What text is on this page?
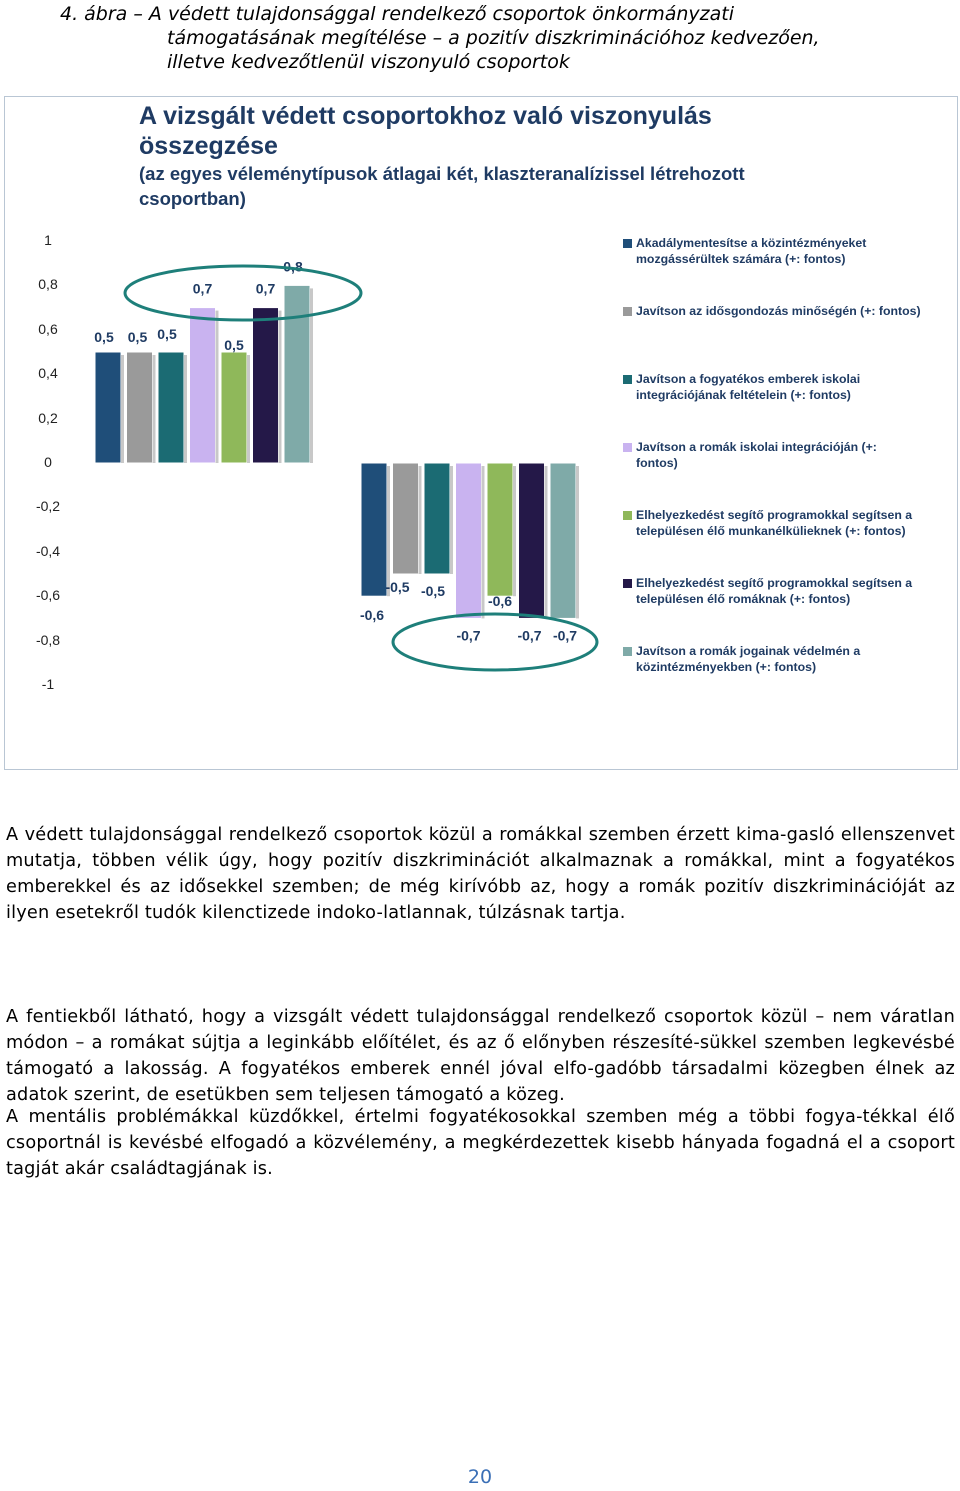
4. ábra – A védett tulajdonsággal rendelkező csoportok önkormányzati
támogatásának megítélése – a pozitív diszkriminációhoz kedvezően,
illetve kedvezőtlenül viszonyuló csoportok
A vizsgált védett csoportokhoz való viszonyulás
összegzése
(az egyes véleménytípusok átlagai két, klaszteranalízissel létrehozott
csoportban)
1
0,8
0,6
0,4
0,2
0
-0,2
-0,4
-0,6
-0,8
-1
0,5
-0,6
0,5
-0,5
0,5
-0,5
0,7
-0,7
0,5
-0,6
0,7
-0,7
0,8
-0,7
Akadálymentesítse a közintézményeket
mozgássérültek számára (+: fontos)
Javítson az idősgondozás minőségén (+: fontos)
Javítson a fogyatékos emberek iskolai
integrációjának feltételein (+: fontos)
Javítson a romák iskolai integrációján (+:
fontos)
Elhelyezkedést segítő programokkal segítsen a
településen élő munkanélkülieknek (+: fontos)
Elhelyezkedést segítő programokkal segítsen a
településen élő romáknak (+: fontos)
Javítson a romák jogainak védelmén a
közintézményekben (+: fontos)
A védett tulajdonsággal rendelkező csoportok közül a romákkal szemben érzett kima-gasló ellenszenvet mutatja, többen vélik úgy, hogy pozitív diszkriminációt alkalmaznak a romákkal, mint a fogyatékos emberekkel és az idősekkel szemben; de még kirívóbb az, hogy a romák pozitív diszkriminációját az ilyen esetekről tudók kilenctizede indoko-latlannak, túlzásnak tartja.
A fentiekből látható, hogy a vizsgált védett tulajdonsággal rendelkező csoportok közül – nem váratlan módon – a romákat sújtja a leginkább előítélet, és az ő előnyben részesíté-sükkel szemben legkevésbé támogató a lakosság. A fogyatékos emberek ennél jóval elfo-gadóbb társadalmi közegben élnek az adatok szerint, de esetükben sem teljesen támogató a közeg.
A mentális problémákkal küzdőkkel, értelmi fogyatékosokkal szemben még a többi fogya-tékkal élő csoportnál is kevésbé elfogadó a közvélemény, a megkérdezettek kisebb hányada fogadná el a csoport tagját akár családtagjának is.
20
